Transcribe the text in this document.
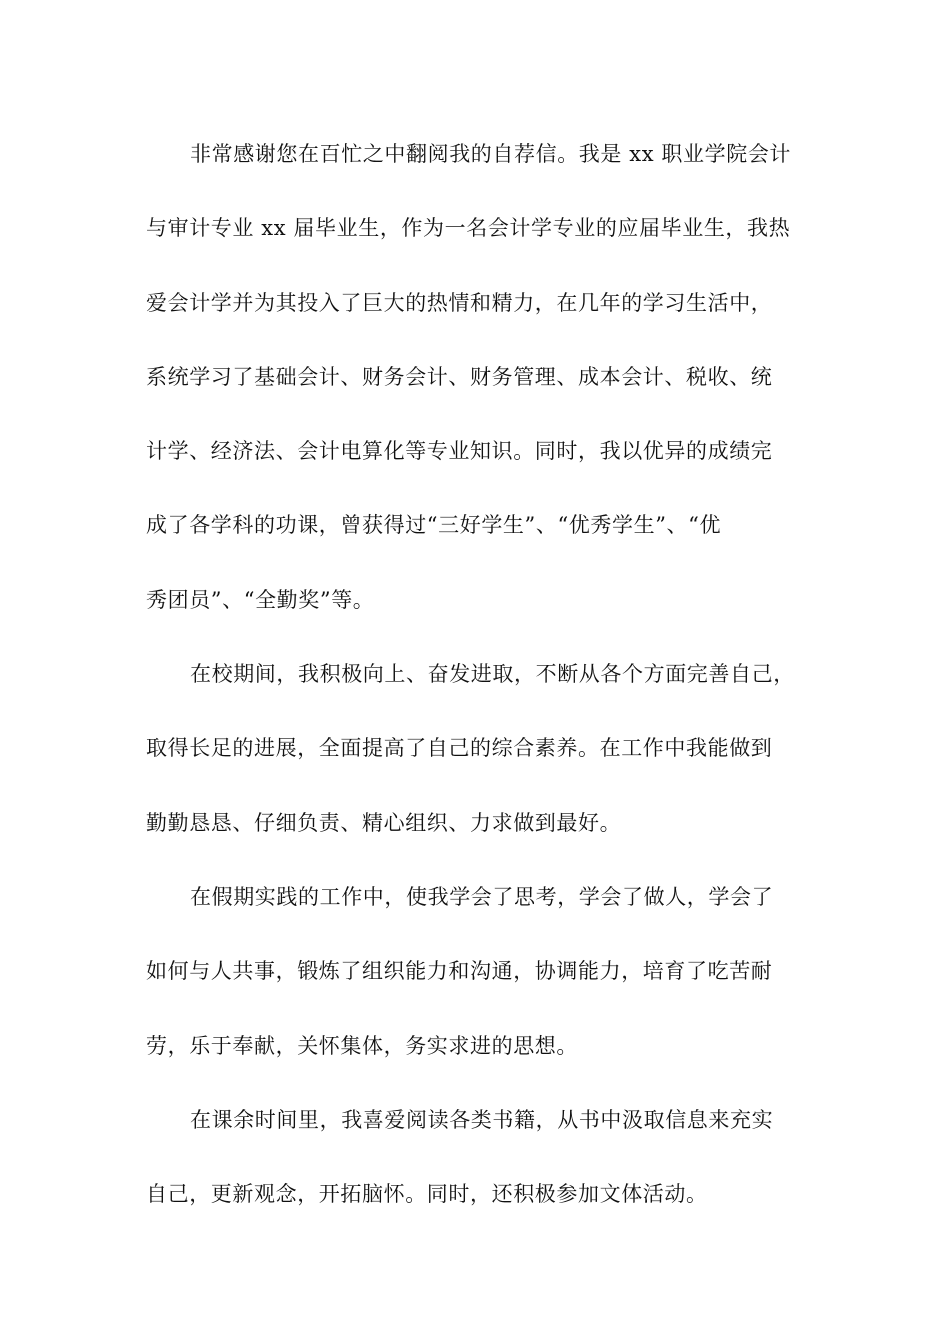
非常感谢您在百忙之中翻阅我的自荐信。我是 xx 职业学院会计
与审计专业 xx 届毕业生，作为一名会计学专业的应届毕业生，我热
爱会计学并为其投入了巨大的热情和精力，在几年的学习生活中，
系统学习了基础会计、财务会计、财务管理、成本会计、税收、统
计学、经济法、会计电算化等专业知识。同时，我以优异的成绩完
成了各学科的功课，曾获得过“三好学生”、“优秀学生”、“优
秀团员”、“全勤奖”等。
在校期间，我积极向上、奋发进取，不断从各个方面完善自己，
取得长足的进展，全面提高了自己的综合素养。在工作中我能做到
勤勤恳恳、仔细负责、精心组织、力求做到最好。
在假期实践的工作中，使我学会了思考，学会了做人，学会了
如何与人共事，锻炼了组织能力和沟通，协调能力，培育了吃苦耐
劳，乐于奉献，关怀集体，务实求进的思想。
在课余时间里，我喜爱阅读各类书籍，从书中汲取信息来充实
自己，更新观念，开拓脑怀。同时，还积极参加文体活动。
